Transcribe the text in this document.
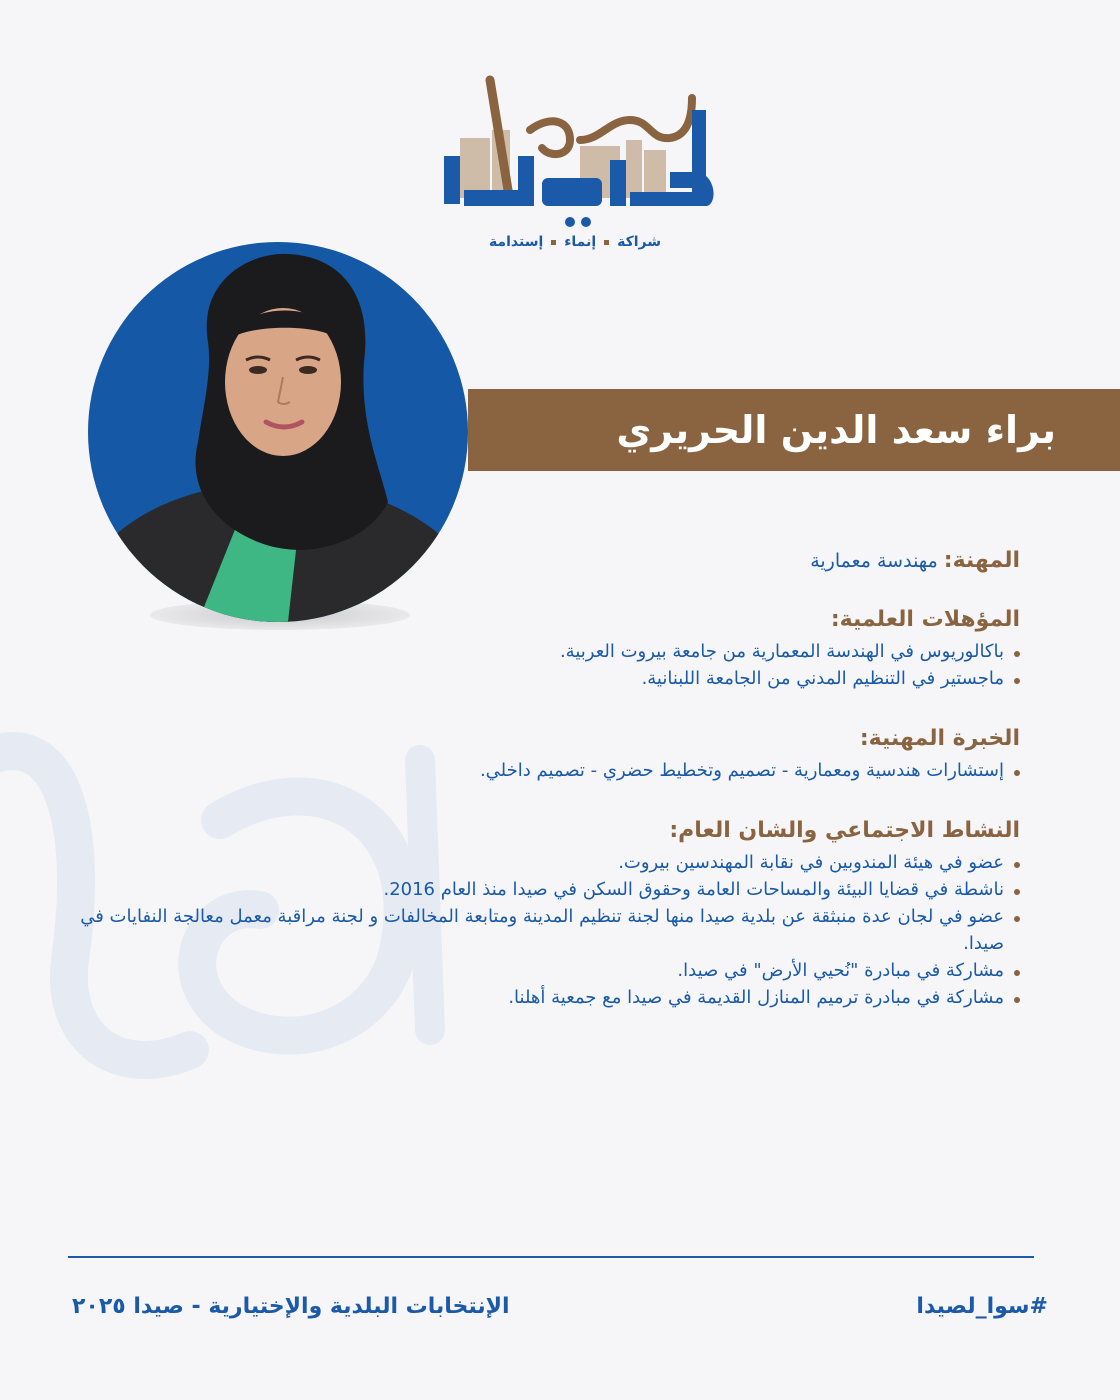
شراكةإنماءإستدامة
براء سعد الدين الحريري

المهنة: مهندسة معمارية

المؤهلات العلمية:
باكالوريوس في الهندسة المعمارية من جامعة بيروت العربية.
ماجستير في التنظيم المدني من الجامعة اللبنانية.
الخبرة المهنية:
إستشارات هندسية ومعمارية - تصميم وتخطيط حضري - تصميم داخلي.
النشاط الاجتماعي والشان العام:
عضو في هيئة المندوبين في نقابة المهندسين بيروت.
ناشطة في قضايا البيئة والمساحات العامة وحقوق السكن في صيدا منذ العام 2016.
عضو في لجان عدة منبثقة عن بلدية صيدا منها لجنة تنظيم المدينة ومتابعة المخالفات و لجنة مراقبة معمل معالجة النفايات في صيدا.
مشاركة في مبادرة "نُحيي الأرض" في صيدا.
مشاركة في مبادرة ترميم المنازل القديمة في صيدا مع جمعية أهلنا.
الإنتخابات البلدية والإختيارية - صيدا ٢٠٢٥	#سوا_لصيدا
